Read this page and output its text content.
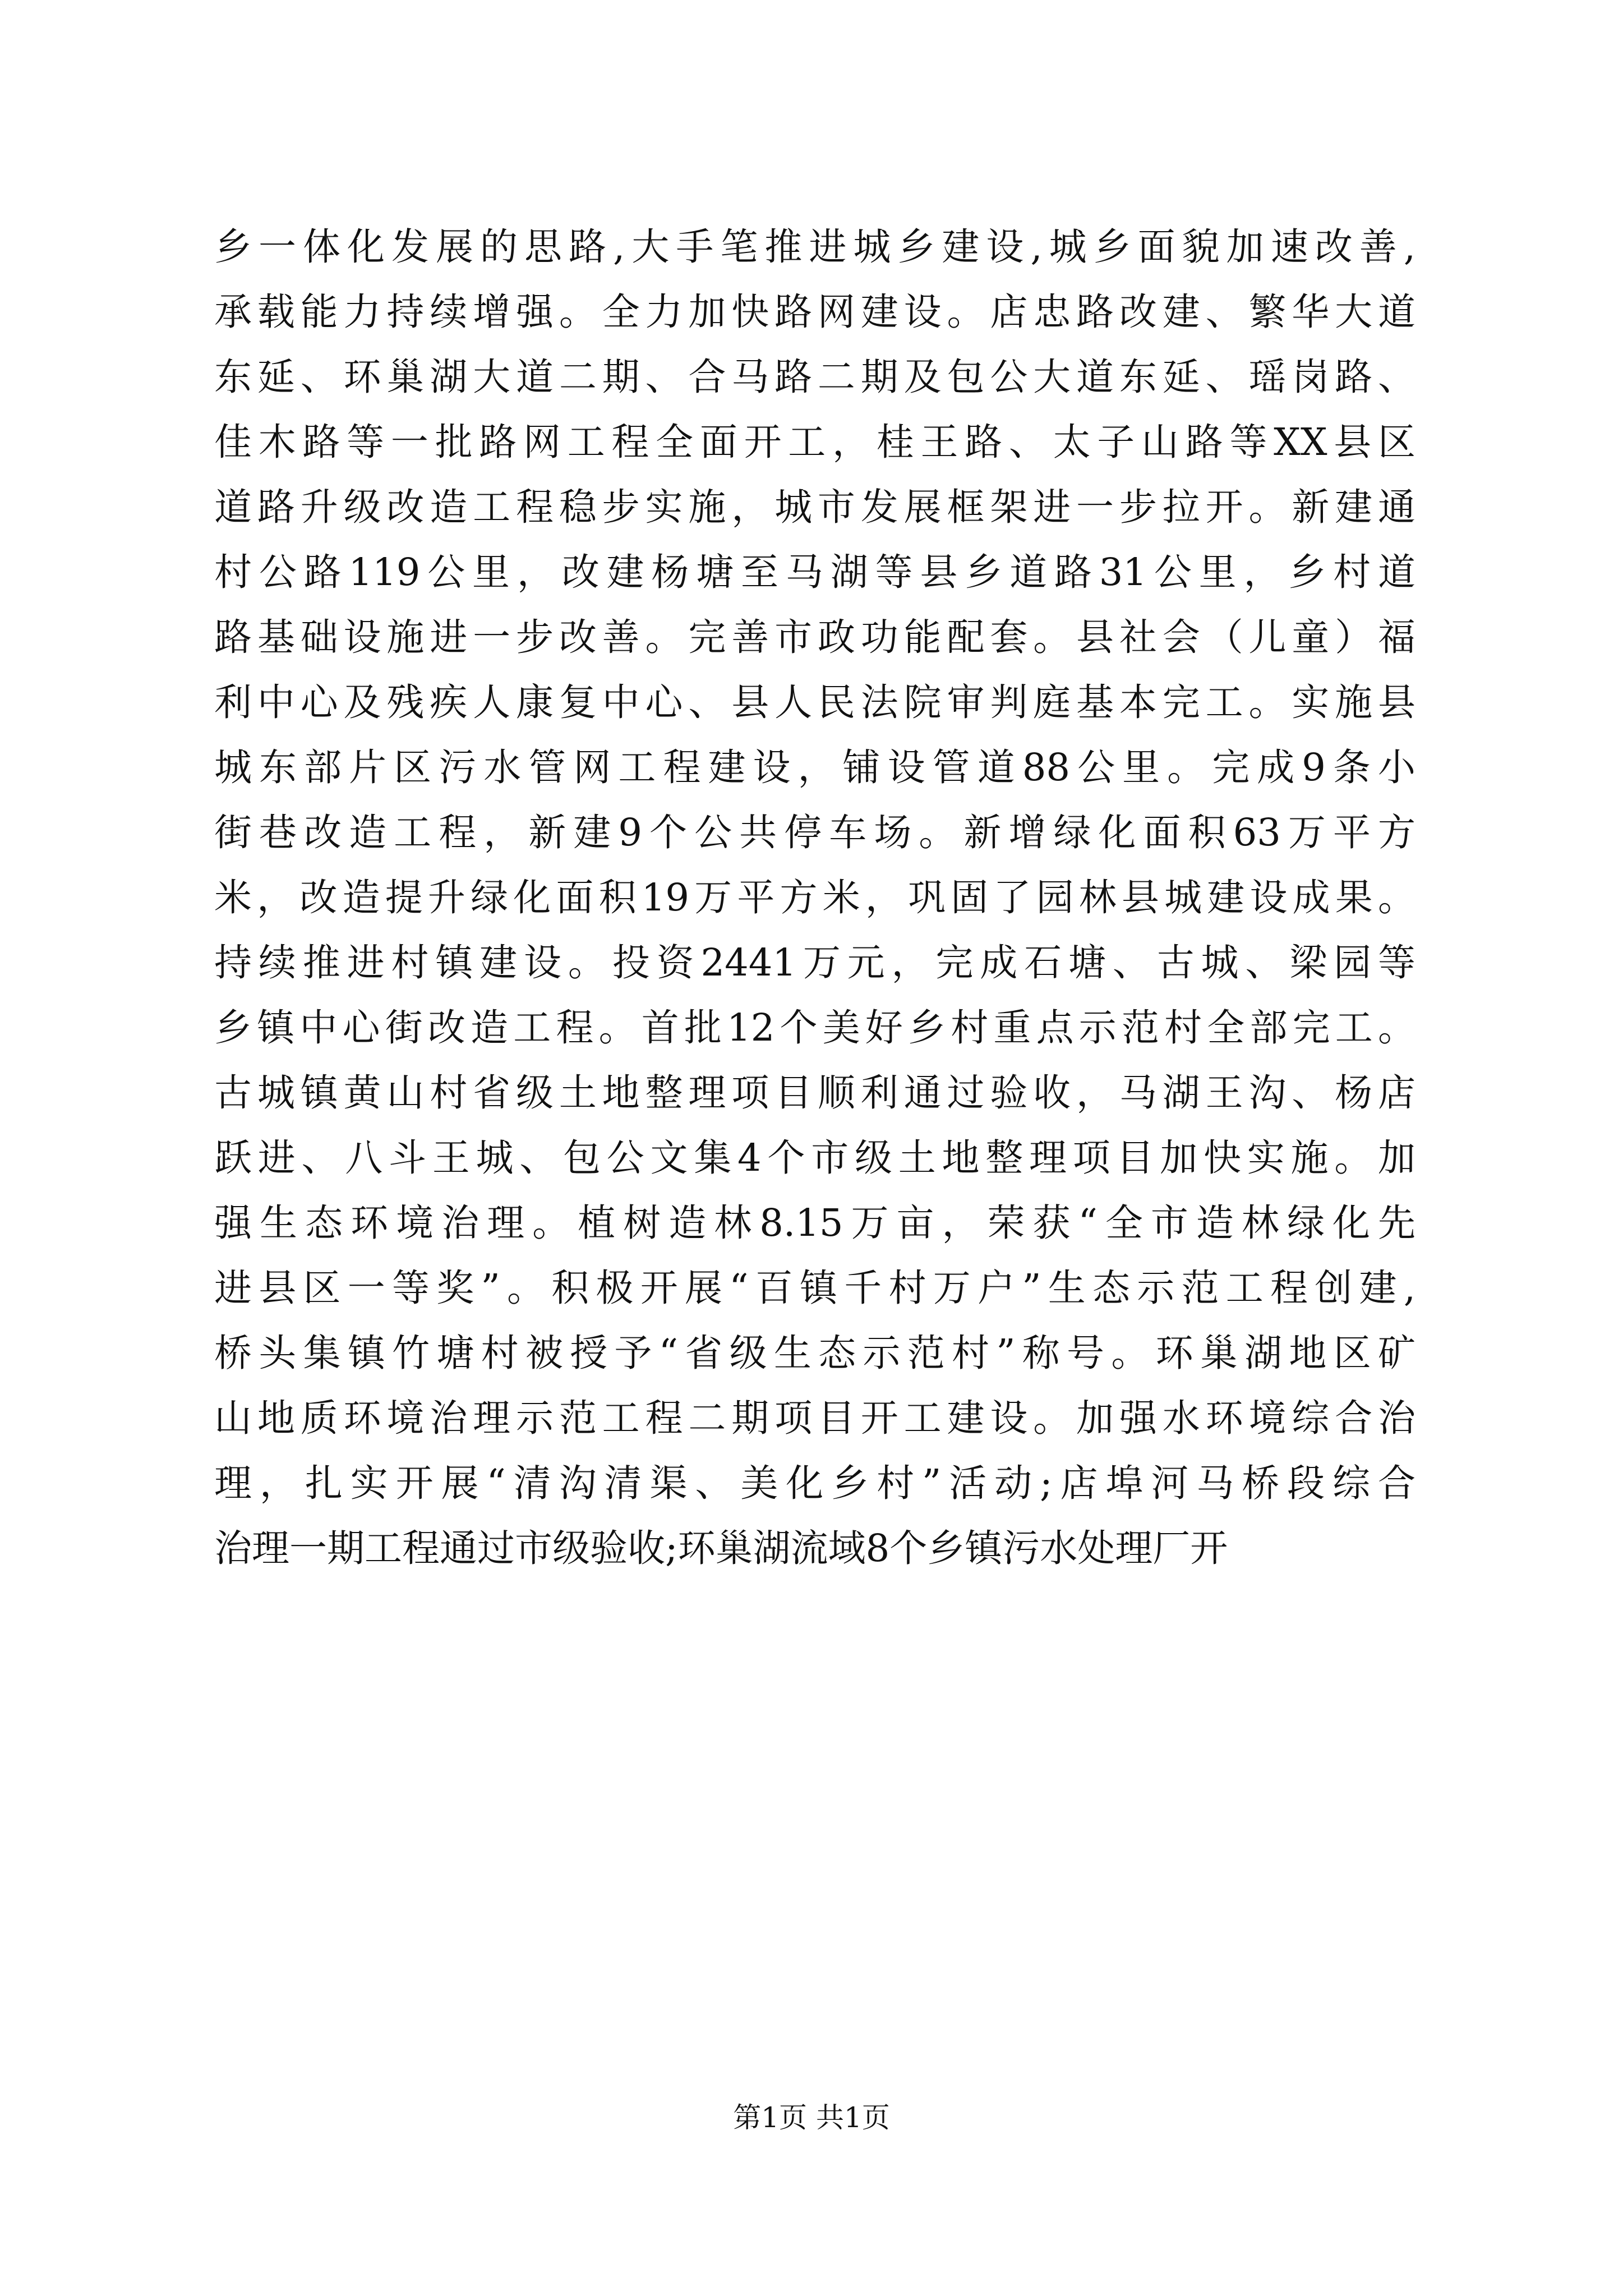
乡一体化发展的思路,大手笔推进城乡建设,城乡面貌加速改善,
承载能力持续增强。全力加快路网建设。店忠路改建、繁华大道
东延、环巢湖大道二期、合马路二期及包公大道东延、瑶岗路、
佳木路等一批路网工程全面开工，桂王路、太子山路等XX县区
道路升级改造工程稳步实施，城市发展框架进一步拉开。新建通
村公路119公里，改建杨塘至马湖等县乡道路31公里，乡村道
路基础设施进一步改善。完善市政功能配套。县社会（儿童）福
利中心及残疾人康复中心、县人民法院审判庭基本完工。实施县
城东部片区污水管网工程建设，铺设管道88公里。完成9条小
街巷改造工程，新建9个公共停车场。新增绿化面积63万平方
米，改造提升绿化面积19万平方米，巩固了园林县城建设成果。
持续推进村镇建设。投资2441万元，完成石塘、古城、梁园等
乡镇中心街改造工程。首批12个美好乡村重点示范村全部完工。
古城镇黄山村省级土地整理项目顺利通过验收，马湖王沟、杨店
跃进、八斗王城、包公文集4个市级土地整理项目加快实施。加
强生态环境治理。植树造林8.15万亩，荣获“全市造林绿化先
进县区一等奖”。积极开展“百镇千村万户”生态示范工程创建,
桥头集镇竹塘村被授予“省级生态示范村”称号。环巢湖地区矿
山地质环境治理示范工程二期项目开工建设。加强水环境综合治
理，扎实开展“清沟清渠、美化乡村”活动;店埠河马桥段综合
治理一期工程通过市级验收;环巢湖流域8个乡镇污水处理厂开
第1页 共1页
